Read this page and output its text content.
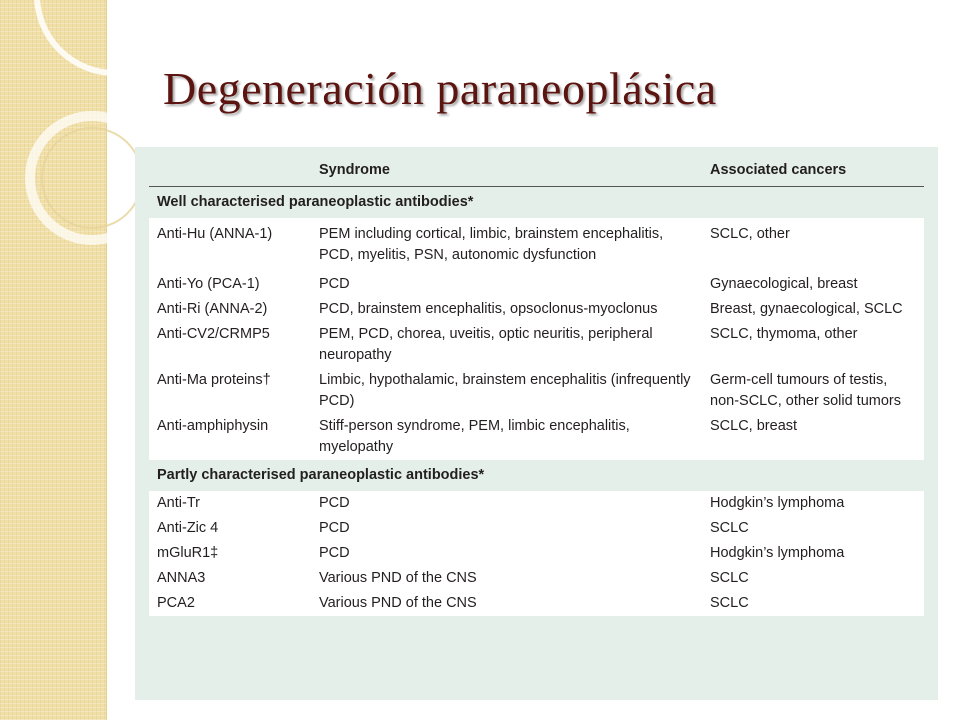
Degeneración paraneoplásica
	Syndrome	Associated cancers
Well characterised paraneoplastic antibodies*		
Anti-Hu (ANNA-1)	PEM including cortical, limbic, brainstem encephalitis, PCD, myelitis, PSN, autonomic dysfunction	SCLC, other
Anti-Yo (PCA-1)	PCD	Gynaecological, breast
Anti-Ri (ANNA-2)	PCD, brainstem encephalitis, opsoclonus-myoclonus	Breast, gynaecological, SCLC
Anti-CV2/CRMP5	PEM, PCD, chorea, uveitis, optic neuritis, peripheral neuropathy	SCLC, thymoma, other
Anti-Ma proteins†	Limbic, hypothalamic, brainstem encephalitis (infrequently PCD)	Germ-cell tumours of testis, non-SCLC, other solid tumors
Anti-amphiphysin	Stiff-person syndrome, PEM, limbic encephalitis, myelopathy	SCLC, breast
Partly characterised paraneoplastic antibodies*		
Anti-Tr	PCD	Hodgkin’s lymphoma
Anti-Zic 4	PCD	SCLC
mGluR1‡	PCD	Hodgkin’s lymphoma
ANNA3	Various PND of the CNS	SCLC
PCA2	Various PND of the CNS	SCLC
